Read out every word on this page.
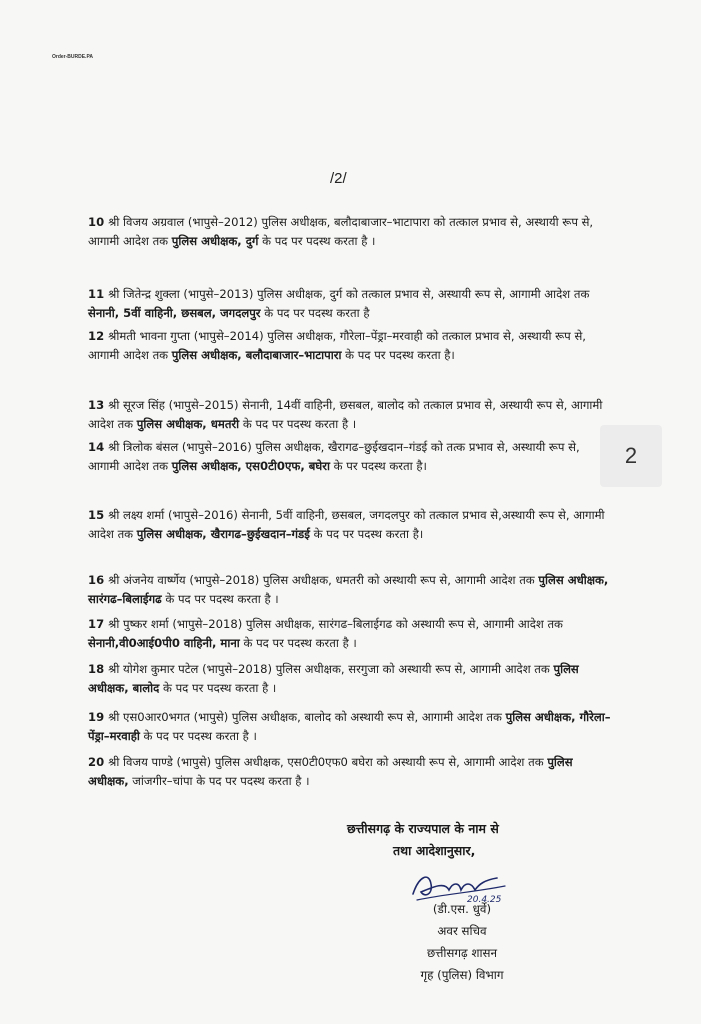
Order-BURDE.PA
/2/
2
10 श्री विजय अग्रवाल (भापुसे–2012) पुलिस अधीक्षक, बलौदाबाजार–भाटापारा को तत्काल प्रभाव से, अस्थायी रूप से, आगामी आदेश तक पुलिस अधीक्षक, दुर्ग के पद पर पदस्थ करता है ।
11 श्री जितेन्द्र शुक्ला (भापुसे–2013) पुलिस अधीक्षक, दुर्ग को तत्काल प्रभाव से, अस्थायी रूप से, आगामी आदेश तक सेनानी, 5वीं वाहिनी, छसबल, जगदलपुर के पद पर पदस्थ करता है
12 श्रीमती भावना गुप्ता (भापुसे–2014) पुलिस अधीक्षक, गौरेला–पेंड्रा–मरवाही को तत्काल प्रभाव से, अस्थायी रूप से, आगामी आदेश तक पुलिस अधीक्षक, बलौदाबाजार–भाटापारा के पद पर पदस्थ करता है।
13 श्री सूरज सिंह (भापुसे–2015) सेनानी, 14वीं वाहिनी, छसबल, बालोद को तत्काल प्रभाव से, अस्थायी रूप से, आगामी आदेश तक पुलिस अधीक्षक, धमतरी के पद पर पदस्थ करता है ।
14 श्री त्रिलोक बंसल (भापुसे–2016) पुलिस अधीक्षक, खैरागढ–छुईखदान–गंडई को तत्क प्रभाव से, अस्थायी रूप से, आगामी आदेश तक पुलिस अधीक्षक, एस0टी0एफ, बघेरा के पर पदस्थ करता है।
15 श्री लक्ष्य शर्मा (भापुसे–2016) सेनानी, 5वीं वाहिनी, छसबल, जगदलपुर को तत्काल प्रभाव से,अस्थायी रूप से, आगामी आदेश तक पुलिस अधीक्षक, खैरागढ–छुईखदान–गंडई के पद पर पदस्थ करता है।
16 श्री अंजनेय वार्ष्णेय (भापुसे–2018) पुलिस अधीक्षक, धमतरी को अस्थायी रूप से, आगामी आदेश तक पुलिस अधीक्षक, सारंगढ–बिलाईगढ के पद पर पदस्थ करता है ।
17 श्री पुष्कर शर्मा (भापुसे–2018) पुलिस अधीक्षक, सारंगढ–बिलाईगढ को अस्थायी रूप से, आगामी आदेश तक सेनानी,वी0आई0पी0 वाहिनी, माना के पद पर पदस्थ करता है ।
18 श्री योगेश कुमार पटेल (भापुसे–2018) पुलिस अधीक्षक, सरगुजा को अस्थायी रूप से, आगामी आदेश तक पुलिस अधीक्षक, बालोद के पद पर पदस्थ करता है ।
19 श्री एस0आर0भगत (भापुसे) पुलिस अधीक्षक, बालोद को अस्थायी रूप से, आगामी आदेश तक पुलिस अधीक्षक, गौरेला–पेंड्रा–मरवाही के पद पर पदस्थ करता है ।
20 श्री विजय पाण्डे (भापुसे) पुलिस अधीक्षक, एस0टी0एफ0 बघेरा को अस्थायी रूप से, आगामी आदेश तक पुलिस अधीक्षक, जांजगीर–चांपा के पद पर पदस्थ करता है ।
छत्तीसगढ़ के राज्यपाल के नाम से
तथा आदेशानुसार,
20.4.25
(डी.एस. धुर्वे)
अवर सचिव
छत्तीसगढ़ शासन
गृह (पुलिस) विभाग
